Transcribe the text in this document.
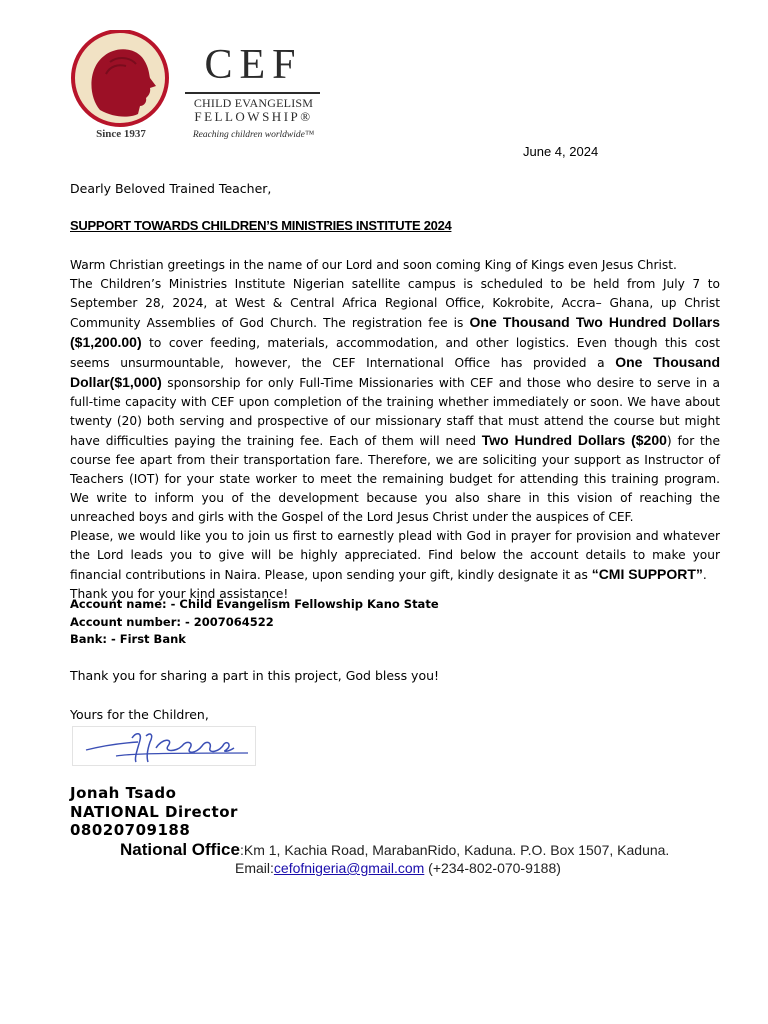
Since 1937
CEF
CHILD EVANGELISM
FELLOWSHIP®
Reaching children worldwide™
June 4, 2024
Dearly Beloved Trained Teacher,
SUPPORT TOWARDS CHILDREN’S MINISTRIES INSTITUTE 2024

Warm Christian greetings in the name of our Lord and soon coming King of Kings even Jesus Christ.

The Children’s Ministries Institute Nigerian satellite campus is scheduled to be held from July 7 to September 28, 2024, at West & Central Africa Regional Office, Kokrobite, Accra– Ghana, up Christ Community Assemblies of God Church. The registration fee is One Thousand Two Hundred Dollars ($1,200.00) to cover feeding, materials, accommodation, and other logistics. Even though this cost seems unsurmountable, however, the CEF International Office has provided a One Thousand Dollar($1,000) sponsorship for only Full-Time Missionaries with CEF and those who desire to serve in a full-time capacity with CEF upon completion of the training whether immediately or soon. We have about twenty (20) both serving and prospective of our missionary staff that must attend the course but might have difficulties paying the training fee. Each of them will need Two Hundred Dollars ($200) for the course fee apart from their transportation fare. Therefore, we are soliciting your support as Instructor of Teachers (IOT) for your state worker to meet the remaining budget for attending this training program. We write to inform you of the development because you also share in this vision of reaching the unreached boys and girls with the Gospel of the Lord Jesus Christ under the auspices of CEF.

Please, we would like you to join us first to earnestly plead with God in prayer for provision and whatever the Lord leads you to give will be highly appreciated. Find below the account details to make your financial contributions in Naira. Please, upon sending your gift, kindly designate it as “CMI SUPPORT”.

Thank you for your kind assistance!

Account name: - Child Evangelism Fellowship Kano State
Account number: - 2007064522
Bank: - First Bank
Thank you for sharing a part in this project, God bless you!
Yours for the Children,
Jonah Tsado
NATIONAL Director
08020709188
National Office:Km 1, Kachia Road, MarabanRido, Kaduna. P.O. Box 1507, Kaduna.
Email:cefofnigeria@gmail.com (+234-802-070-9188)
